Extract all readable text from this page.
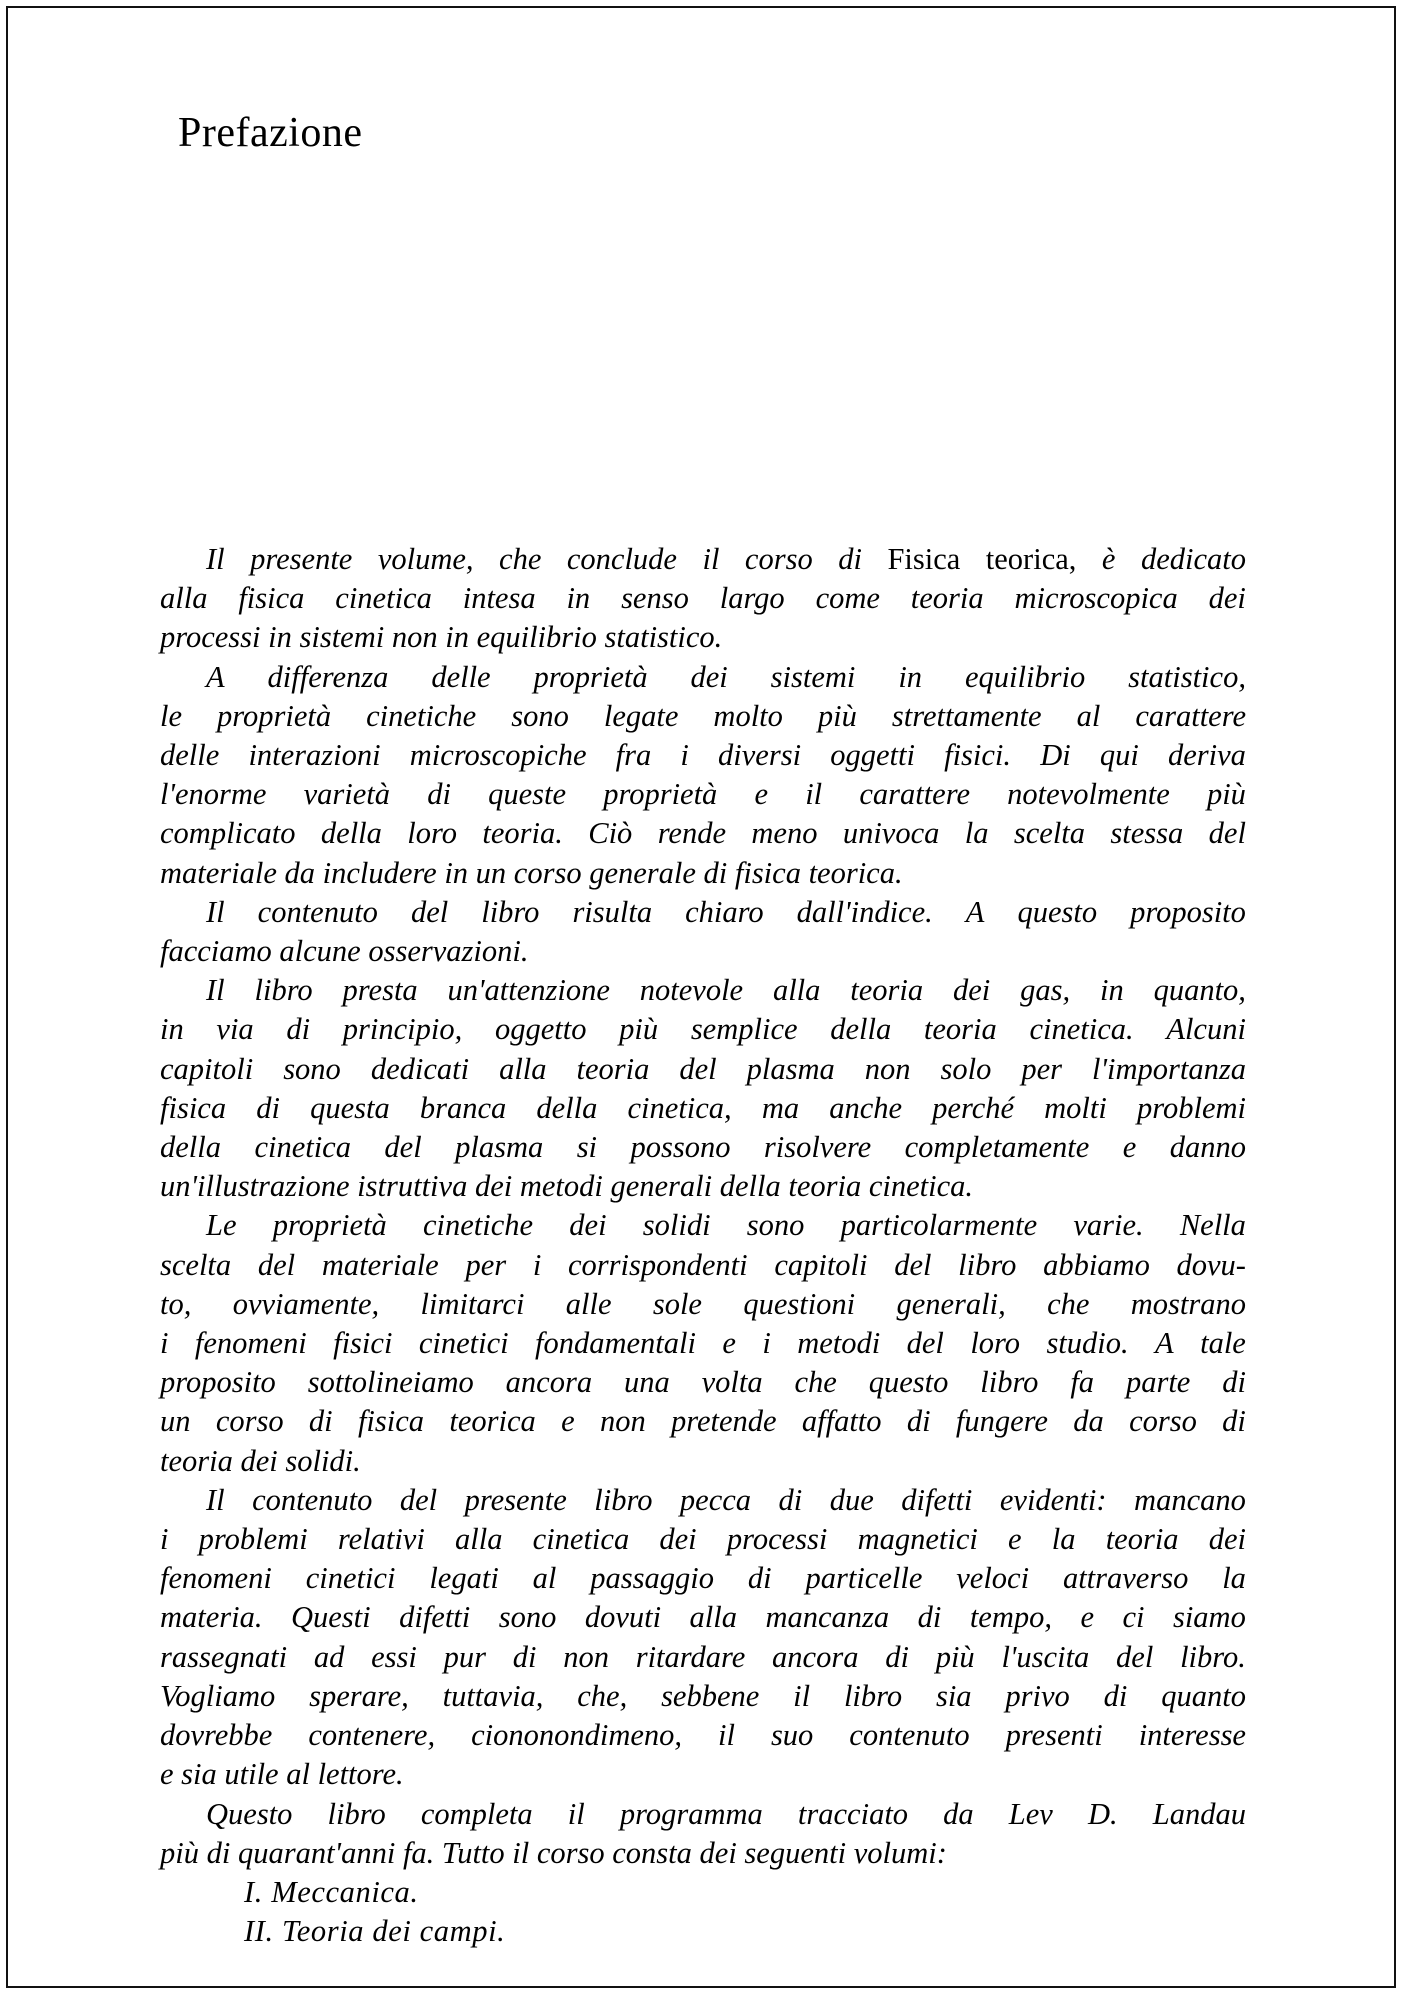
Prefazione
Il presente volume, che conclude il corso di Fisica teorica, è dedicato
alla fisica cinetica intesa in senso largo come teoria microscopica dei
processi in sistemi non in equilibrio statistico.
A differenza delle proprietà dei sistemi in equilibrio statistico,
le proprietà cinetiche sono legate molto più strettamente al carattere
delle interazioni microscopiche fra i diversi oggetti fisici. Di qui deriva
l'enorme varietà di queste proprietà e il carattere notevolmente più
complicato della loro teoria. Ciò rende meno univoca la scelta stessa del
materiale da includere in un corso generale di fisica teorica.
Il contenuto del libro risulta chiaro dall'indice. A questo proposito
facciamo alcune osservazioni.
Il libro presta un'attenzione notevole alla teoria dei gas, in quanto,
in via di principio, oggetto più semplice della teoria cinetica. Alcuni
capitoli sono dedicati alla teoria del plasma non solo per l'importanza
fisica di questa branca della cinetica, ma anche perché molti problemi
della cinetica del plasma si possono risolvere completamente e danno
un'illustrazione istruttiva dei metodi generali della teoria cinetica.
Le proprietà cinetiche dei solidi sono particolarmente varie. Nella
scelta del materiale per i corrispondenti capitoli del libro abbiamo dovu-
to, ovviamente, limitarci alle sole questioni generali, che mostrano
i fenomeni fisici cinetici fondamentali e i metodi del loro studio. A tale
proposito sottolineiamo ancora una volta che questo libro fa parte di
un corso di fisica teorica e non pretende affatto di fungere da corso di
teoria dei solidi.
Il contenuto del presente libro pecca di due difetti evidenti: mancano
i problemi relativi alla cinetica dei processi magnetici e la teoria dei
fenomeni cinetici legati al passaggio di particelle veloci attraverso la
materia. Questi difetti sono dovuti alla mancanza di tempo, e ci siamo
rassegnati ad essi pur di non ritardare ancora di più l'uscita del libro.
Vogliamo sperare, tuttavia, che, sebbene il libro sia privo di quanto
dovrebbe contenere, ciononondimeno, il suo contenuto presenti interesse
e sia utile al lettore.
Questo libro completa il programma tracciato da Lev D. Landau
più di quarant'anni fa. Tutto il corso consta dei seguenti volumi:
I. Meccanica.
II. Teoria dei campi.
